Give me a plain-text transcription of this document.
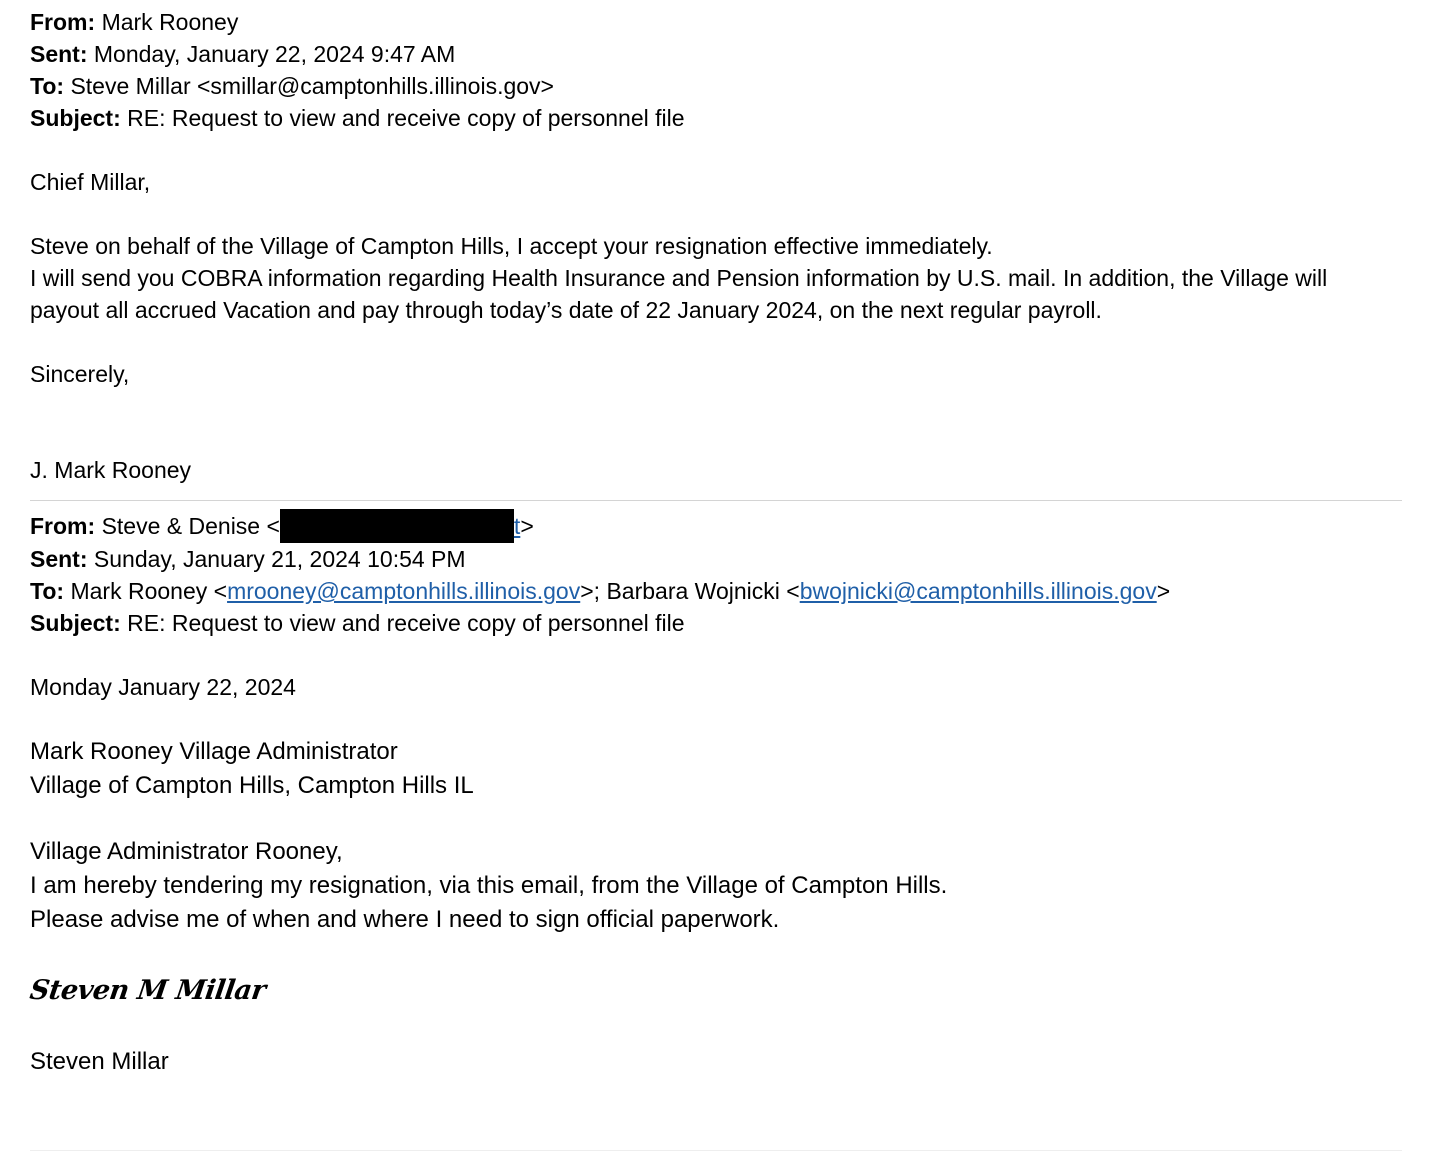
From: Mark Rooney
Sent: Monday, January 22, 2024 9:47 AM
To: Steve Millar <smillar@camptonhills.illinois.gov>
Subject: RE: Request to view and receive copy of personnel file
Chief Millar,
Steve on behalf of the Village of Campton Hills, I accept your resignation effective immediately.
I will send you COBRA information regarding Health Insurance and Pension information by U.S. mail. In addition, the Village will payout all accrued Vacation and pay through today’s date of 22 January 2024, on the next regular payroll.
Sincerely,
J. Mark Rooney
From: Steve & Denise <	t>
Sent: Sunday, January 21, 2024 10:54 PM
To: Mark Rooney <mrooney@camptonhills.illinois.gov>; Barbara Wojnicki <bwojnicki@camptonhills.illinois.gov>
Subject: RE: Request to view and receive copy of personnel file
Monday January 22, 2024
Mark Rooney Village Administrator
Village of Campton Hills, Campton Hills IL
Village Administrator Rooney,
I am hereby tendering my resignation, via this email, from the Village of Campton Hills.
Please advise me of when and where I need to sign official paperwork.
Steven M Millar
Steven Millar
